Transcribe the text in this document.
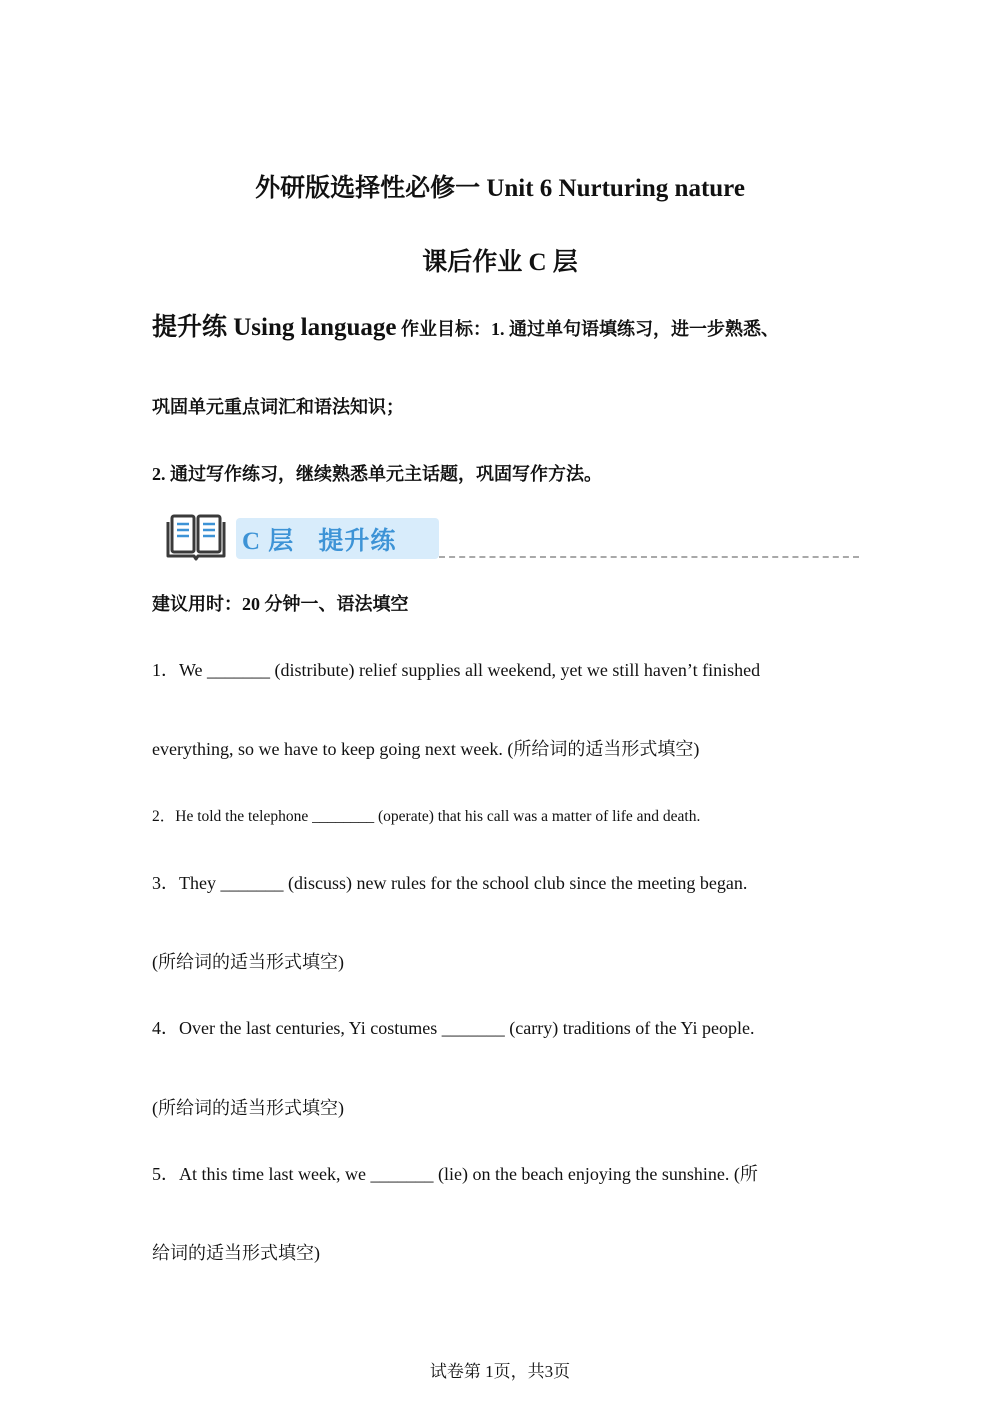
外研版选择性必修一 Unit 6 Nurturing nature
课后作业 C 层
提升练 Using language 作业目标：1. 通过单句语填练习，进一步熟悉、
巩固单元重点词汇和语法知识；
2. 通过写作练习，继续熟悉单元主话题，巩固写作方法。
C 层 提升练
建议用时：20 分钟一、语法填空
1．We _______ (distribute) relief supplies all weekend, yet we still haven’t finished
everything, so we have to keep going next week. (所给词的适当形式填空)
2．He told the telephone ________ (operate) that his call was a matter of life and death.
3．They _______ (discuss) new rules for the school club since the meeting began.
(所给词的适当形式填空)
4．Over the last centuries, Yi costumes _______ (carry) traditions of the Yi people.
(所给词的适当形式填空)
5．At this time last week, we _______ (lie) on the beach enjoying the sunshine. (所
给词的适当形式填空)
试卷第 1页，共3页
